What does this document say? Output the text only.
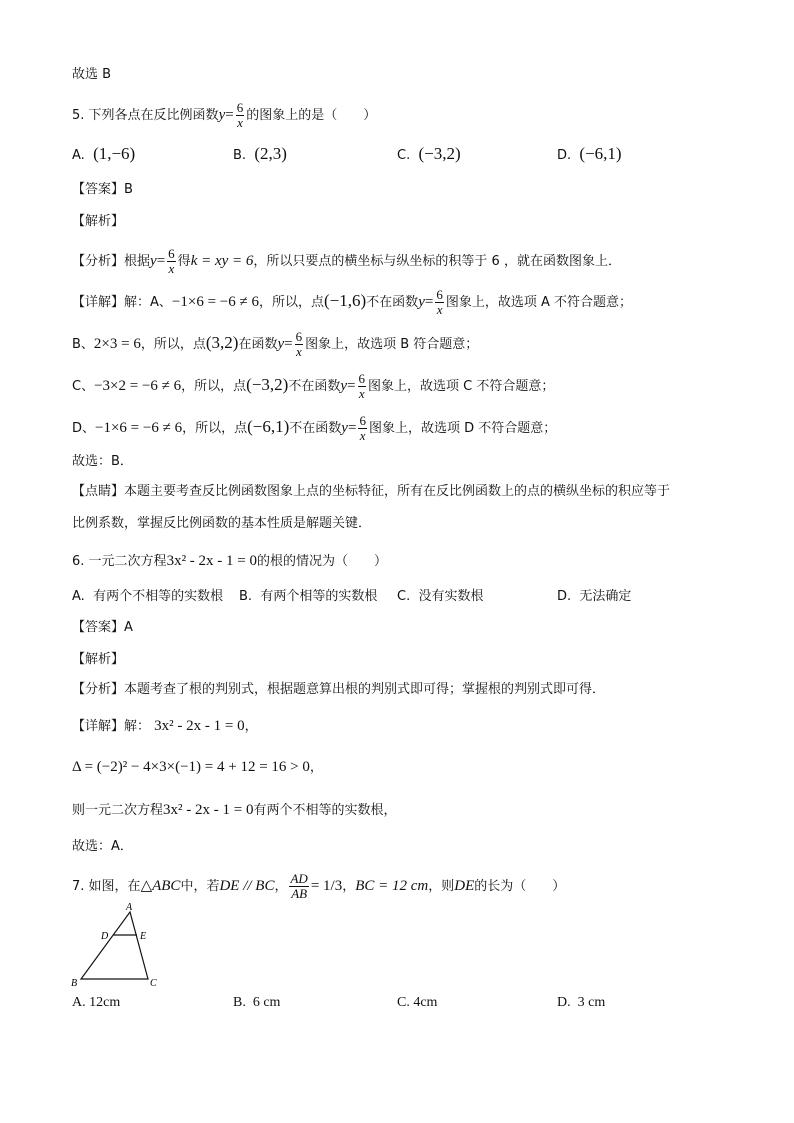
故选 B
5. 下列各点在反比例函数$y= \frac{6}{x}$ 的图象上的是（　　）
A. (1,−6)	B. (2,3)	C. (−3,2)	D. (−6,1)
【答案】B
【解析】
【分析】根据$y= \frac{6}{x}$ 得k = xy = 6，所以只要点的横坐标与纵坐标的积等于 6 ，就在函数图象上．
【详解】解：A、−1×6 = −6 ≠ 6，所以，点(−1,6)不在函数$y= \frac{6}{x}$ 图象上，故选项 A 不符合题意；
B、2×3 = 6，所以，点(3,2)在函数$y= \frac{6}{x}$ 图象上，故选项 B 符合题意；
C、−3×2 = −6 ≠ 6，所以，点(−3,2)不在函数$y= \frac{6}{x}$ 图象上，故选项 C 不符合题意；
D、−1×6 = −6 ≠ 6，所以，点(−6,1)不在函数$y= \frac{6}{x}$ 图象上，故选项 D 不符合题意；
故选：B．
【点睛】本题主要考查反比例函数图象上点的坐标特征，所有在反比例函数上的点的横纵坐标的积应等于
比例系数，掌握反比例函数的基本性质是解题关键．
6. 一元二次方程3x² - 2x - 1 = 0的根的情况为（　　）
A. 有两个不相等的实数根 B. 有两个相等的实数根 C. 没有实数根	D. 无法确定
【答案】A
【解析】
【分析】本题考查了根的判别式，根据题意算出根的判别式即可得；掌握根的判别式即可得．
【详解】解： 3x² - 2x - 1 = 0，
Δ = (−2)² − 4×3×(−1) = 4 + 12 = 16 > 0，
则一元二次方程3x² - 2x - 1 = 0有两个不相等的实数根，
故选：A．
7. 如图，在△ABC中，若DE // BC， $\frac{AD}{AB} = 1/3$，BC = 12 cm，则DE的长为（　　）
A
D	E
B	C
A. 12cm	B. 6 cm	C. 4cm	D. 3 cm
